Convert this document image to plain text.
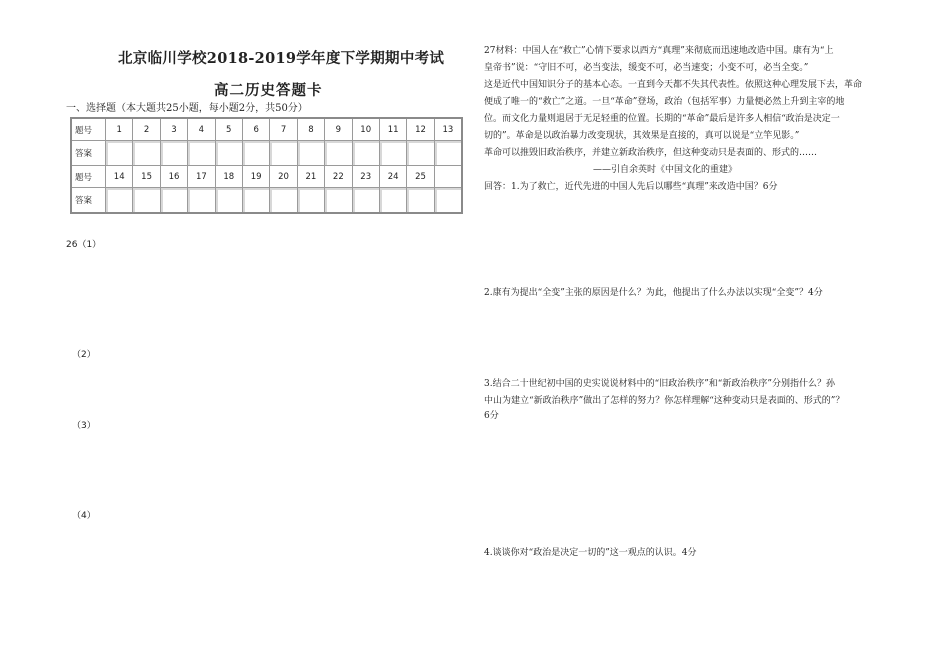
北京临川学校2018-2019学年度下学期期中考试
高二历史答题卡
一、选择题（本大题共25小题，每小题2分，共50分）
题号	1	2	3	4	5	6	7	8	9	10	11	12	13
答案													
题号	14	15	16	17	18	19	20	21	22	23	24	25	
答案													
26（1）
（2）
（3）
（4）
27材料：中国人在“救亡”心情下要求以西方“真理”来彻底而迅速地改造中国。康有为“上
皇帝书”说：“守旧不可，必当变法，缓变不可，必当速变；小变不可，必当全变。”
这是近代中国知识分子的基本心态。一直到今天都不失其代表性。依照这种心理发展下去，革命
便成了唯一的“救亡”之道。一旦“革命”登场，政治（包括军事）力量便必然上升到主宰的地
位。而文化力量则退居于无足轻重的位置。长期的“革命”最后是许多人相信“政治是决定一
切的”。革命是以政治暴力改变现状，其效果是直接的，真可以说是“立竿见影。”
革命可以推毁旧政治秩序，并建立新政治秩序，但这种变动只是表面的、形式的……
——引自余英时《中国文化的重建》
回答：1.为了救亡，近代先进的中国人先后以哪些“真理”来改造中国？6分
2.康有为提出“全变”主张的原因是什么？为此，他提出了什么办法以实现“全变”？4分
3.结合二十世纪初中国的史实说说材料中的“旧政治秩序”和“新政治秩序”分别指什么？孙
中山为建立“新政治秩序”做出了怎样的努力？你怎样理解“这种变动只是表面的、形式的”？
6分
4.谈谈你对“政治是决定一切的”这一观点的认识。4分
